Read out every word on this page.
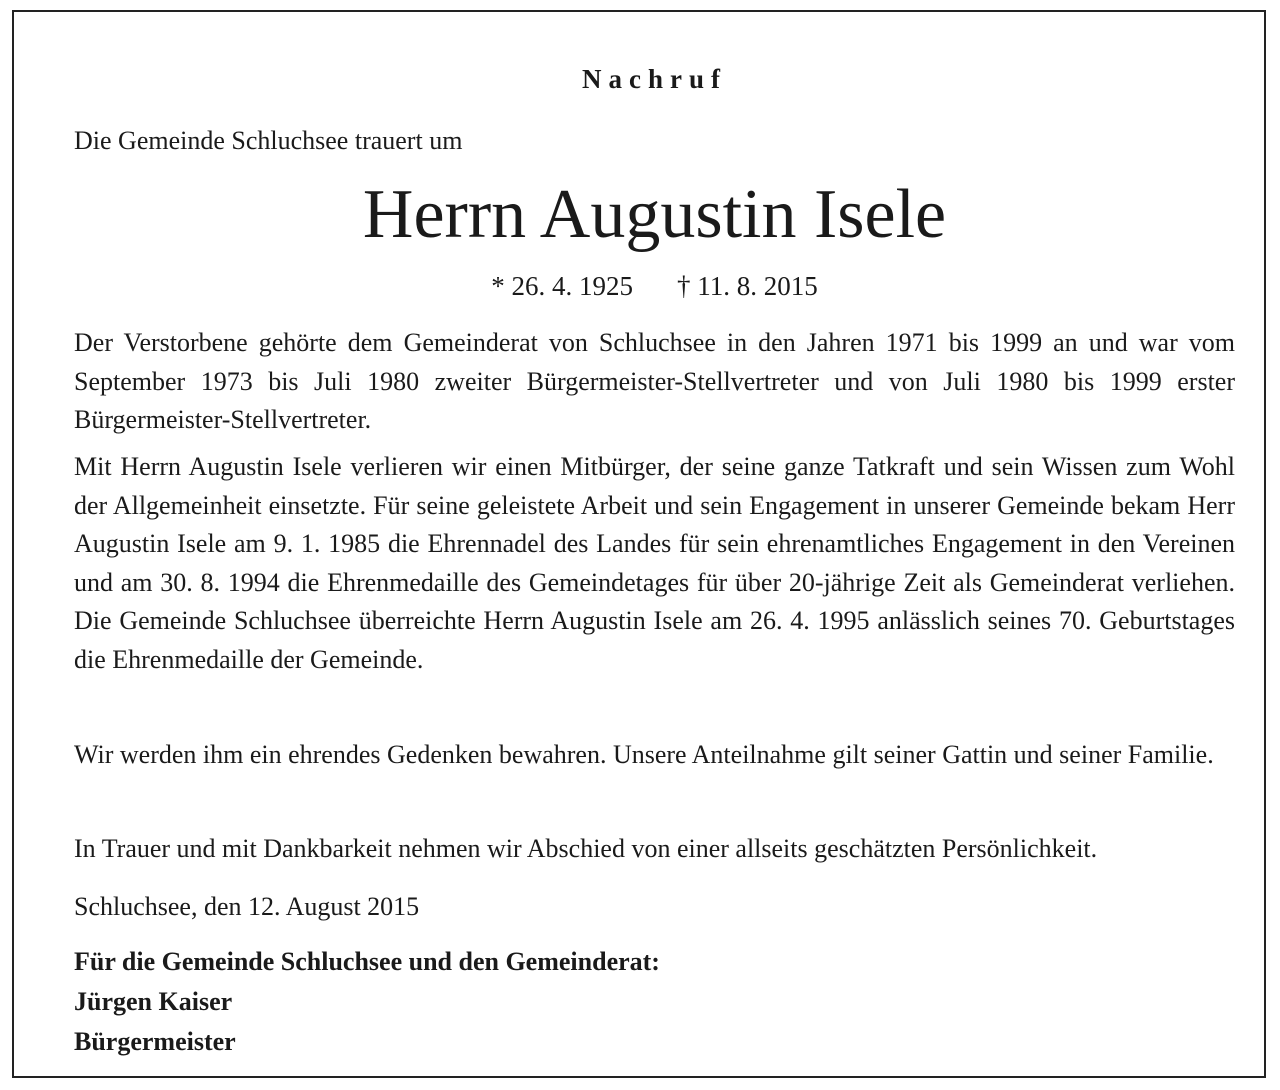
Nachruf
Die Gemeinde Schluchsee trauert um
Herrn Augustin Isele
* 26. 4. 1925 † 11. 8. 2015
Der Verstorbene gehörte dem Gemeinderat von Schluchsee in den Jahren 1971 bis 1999 an und war vom September 1973 bis Juli 1980 zweiter Bürgermeister-Stellvertreter und von Juli 1980 bis 1999 erster Bürgermeister-Stellvertreter.
Mit Herrn Augustin Isele verlieren wir einen Mitbürger, der seine ganze Tatkraft und sein Wissen zum Wohl der Allgemeinheit einsetzte. Für seine geleistete Arbeit und sein Engagement in unserer Gemeinde bekam Herr Augustin Isele am 9. 1. 1985 die Ehrennadel des Landes für sein ehrenamtliches Engagement in den Vereinen und am 30. 8. 1994 die Ehrenmedaille des Gemeindetages für über 20-jährige Zeit als Gemeinderat verliehen. Die Gemeinde Schluchsee überreichte Herrn Augustin Isele am 26. 4. 1995 anlässlich seines 70. Geburtstages die Ehrenmedaille der Gemeinde.
Wir werden ihm ein ehrendes Gedenken bewahren. Unsere Anteilnahme gilt seiner Gattin und seiner Familie.
In Trauer und mit Dankbarkeit nehmen wir Abschied von einer allseits geschätzten Persönlichkeit.
Schluchsee, den 12. August 2015
Für die Gemeinde Schluchsee und den Gemeinderat:
Jürgen Kaiser
Bürgermeister
